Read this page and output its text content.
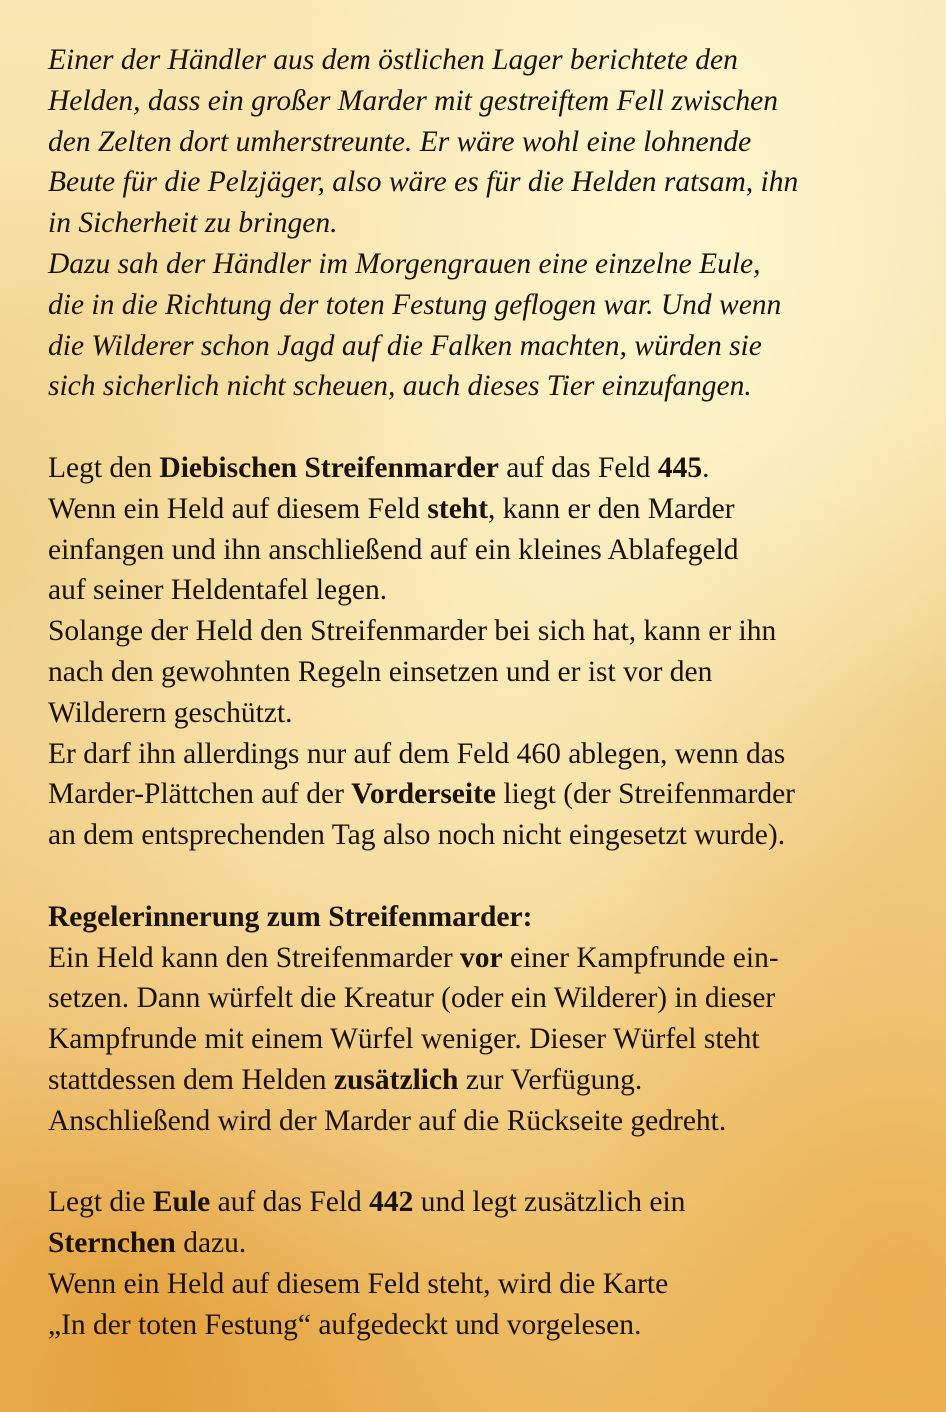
Einer der Händler aus dem östlichen Lager berichtete den
Helden, dass ein großer Marder mit gestreiftem Fell zwischen
den Zelten dort umherstreunte. Er wäre wohl eine lohnende
Beute für die Pelzjäger, also wäre es für die Helden ratsam, ihn
in Sicherheit zu bringen.
Dazu sah der Händler im Morgengrauen eine einzelne Eule,
die in die Richtung der toten Festung geflogen war. Und wenn
die Wilderer schon Jagd auf die Falken machten, würden sie
sich sicherlich nicht scheuen, auch dieses Tier einzufangen.

Legt den Diebischen Streifenmarder auf das Feld 445.
Wenn ein Held auf diesem Feld steht, kann er den Marder
einfangen und ihn anschließend auf ein kleines Ablafegeld
auf seiner Heldentafel legen.
Solange der Held den Streifenmarder bei sich hat, kann er ihn
nach den gewohnten Regeln einsetzen und er ist vor den
Wilderern geschützt.
Er darf ihn allerdings nur auf dem Feld 460 ablegen, wenn das
Marder-Plättchen auf der Vorderseite liegt (der Streifenmarder
an dem entsprechenden Tag also noch nicht eingesetzt wurde).
Regelerinnerung zum Streifenmarder:
Ein Held kann den Streifenmarder vor einer Kampfrunde ein-
setzen. Dann würfelt die Kreatur (oder ein Wilderer) in dieser
Kampfrunde mit einem Würfel weniger. Dieser Würfel steht
stattdessen dem Helden zusätzlich zur Verfügung.
Anschließend wird der Marder auf die Rückseite gedreht.
Legt die Eule auf das Feld 442 und legt zusätzlich ein
Sternchen dazu.
Wenn ein Held auf diesem Feld steht, wird die Karte
„In der toten Festung“ aufgedeckt und vorgelesen.
